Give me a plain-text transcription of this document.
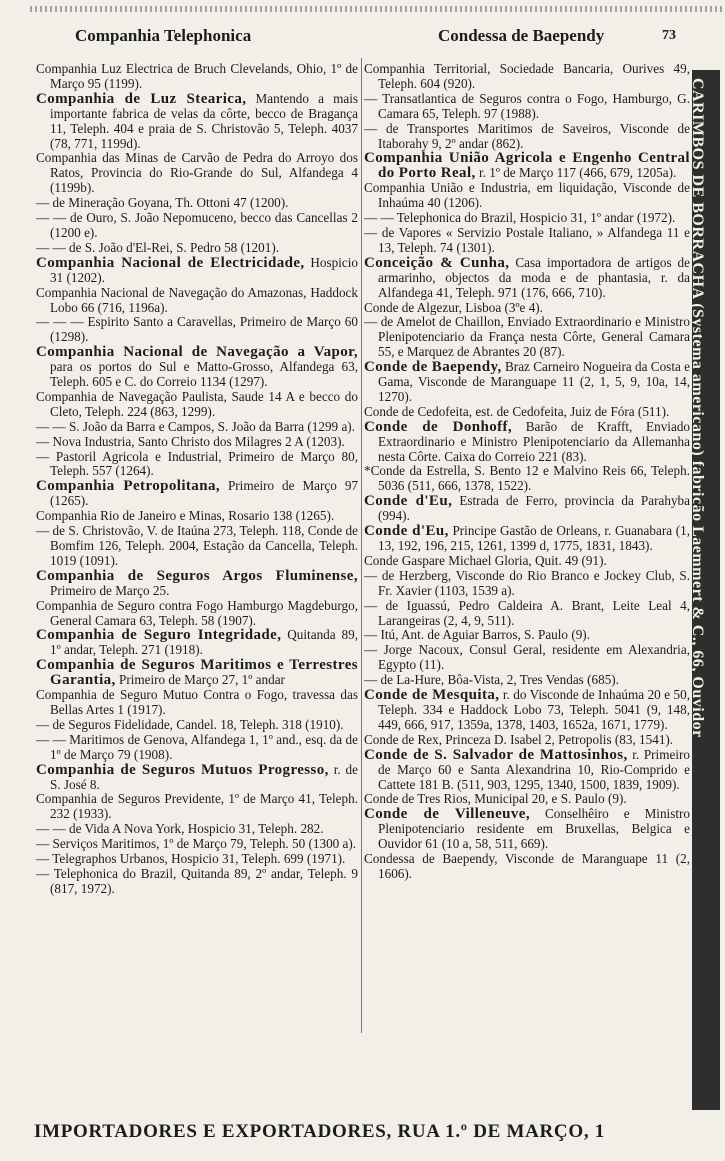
Companhia Telephonica	Condessa de Baependy	73

Companhia Luz Electrica de Bruch Clevelands, Ohio, 1º de Março 95 (1199).

Companhia de Luz Stearica, Mantendo a mais importante fabrica de velas da côrte, becco de Bragança 11, Teleph. 404 e praia de S. Christovão 5, Teleph. 4037 (78, 771, 1199d).

Companhia das Minas de Carvão de Pedra do Arroyo dos Ratos, Provincia do Rio-Grande do Sul, Alfandega 4 (1199b).

— de Mineração Goyana, Th. Ottoni 47 (1200).

— — de Ouro, S. João Nepomuceno, becco das Cancellas 2 (1200 e).

— — de S. João d'El-Rei, S. Pedro 58 (1201).

Companhia Nacional de Electricidade, Hospicio 31 (1202).

Companhia Nacional de Navegação do Amazonas, Haddock Lobo 66 (716, 1196a).

— — — Espirito Santo a Caravellas, Primeiro de Março 60 (1298).

Companhia Nacional de Navegação a Vapor, para os portos do Sul e Matto-Grosso, Alfandega 63, Teleph. 605 e C. do Correio 1134 (1297).

Companhia de Navegação Paulista, Saude 14 A e becco do Cleto, Teleph. 224 (863, 1299).

— — S. João da Barra e Campos, S. João da Barra (1299 a).

— Nova Industria, Santo Christo dos Milagres 2 A (1203).

— Pastoril Agricola e Industrial, Primeiro de Março 80, Teleph. 557 (1264).

Companhia Petropolitana, Primeiro de Março 97 (1265).

Companhia Rio de Janeiro e Minas, Rosario 138 (1265).

— de S. Christovão, V. de Itaúna 273, Teleph. 118, Conde de Bomfim 126, Teleph. 2004, Estação da Cancella, Teleph. 1019 (1091).

Companhia de Seguros Argos Fluminense, Primeiro de Março 25.

Companhia de Seguro contra Fogo Hamburgo Magdeburgo, General Camara 63, Teleph. 58 (1907).

Companhia de Seguro Integridade, Quitanda 89, 1º andar, Teleph. 271 (1918).

Companhia de Seguros Maritimos e Terrestres Garantia, Primeiro de Março 27, 1º andar

Companhia de Seguro Mutuo Contra o Fogo, travessa das Bellas Artes 1 (1917).

— de Seguros Fidelidade, Candel. 18, Teleph. 318 (1910).

— — Maritimos de Genova, Alfandega 1, 1º and., esq. da de 1º de Março 79 (1908).

Companhia de Seguros Mutuos Progresso, r. de S. José 8.

Companhia de Seguros Previdente, 1º de Março 41, Teleph. 232 (1933).

— — de Vida A Nova York, Hospicio 31, Teleph. 282.

— Serviços Maritimos, 1º de Março 79, Teleph. 50 (1300 a).

— Telegraphos Urbanos, Hospicio 31, Teleph. 699 (1971).

— Telephonica do Brazil, Quitanda 89, 2º andar, Teleph. 9 (817, 1972).

Companhia Territorial, Sociedade Bancaria, Ourives 49, Teleph. 604 (920).

— Transatlantica de Seguros contra o Fogo, Hamburgo, G. Camara 65, Teleph. 97 (1988).

— de Transportes Maritimos de Saveiros, Visconde de Itaborahy 9, 2º andar (862).

Companhia União Agricola e Engenho Central do Porto Real, r. 1º de Março 117 (466, 679, 1205a).

Companhia União e Industria, em liquidação, Visconde de Inhaúma 40 (1206).

— — Telephonica do Brazil, Hospicio 31, 1º andar (1972).

— de Vapores « Servizio Postale Italiano, » Alfandega 11 e 13, Teleph. 74 (1301).

Conceição & Cunha, Casa importadora de artigos de armarinho, objectos da moda e de phantasia, r. da Alfandega 41, Teleph. 971 (176, 666, 710).

Conde de Algezur, Lisboa (3ºe 4).

— de Amelot de Chaillon, Enviado Extraordinario e Ministro Plenipotenciario da França nesta Côrte, General Camara 55, e Marquez de Abrantes 20 (87).

Conde de Baependy, Braz Carneiro Nogueira da Costa e Gama, Visconde de Maranguape 11 (2, 1, 5, 9, 10a, 14, 1270).

Conde de Cedofeita, est. de Cedofeita, Juiz de Fóra (511).

Conde de Donhoff, Barão de Krafft, Enviado Extraordinario e Ministro Plenipotenciario da Allemanha nesta Côrte. Caixa do Correio 221 (83).

*Conde da Estrella, S. Bento 12 e Malvino Reis 66, Teleph. 5036 (511, 666, 1378, 1522).

Conde d'Eu, Estrada de Ferro, provincia da Parahyba (994).

Conde d'Eu, Principe Gastão de Orleans, r. Guanabara (1, 13, 192, 196, 215, 1261, 1399 d, 1775, 1831, 1843).

Conde Gaspare Michael Gloria, Quit. 49 (91).

— de Herzberg, Visconde do Rio Branco e Jockey Club, S. Fr. Xavier (1103, 1539 a).

— de Iguassú, Pedro Caldeira A. Brant, Leite Leal 4, Larangeiras (2, 4, 9, 511).

— Itú, Ant. de Aguiar Barros, S. Paulo (9).

— Jorge Nacoux, Consul Geral, residente em Alexandria, Egypto (11).

— de La-Hure, Bôa-Vista, 2, Tres Vendas (685).

Conde de Mesquita, r. do Visconde de Inhaúma 20 e 50, Teleph. 334 e Haddock Lobo 73, Teleph. 5041 (9, 148, 449, 666, 917, 1359a, 1378, 1403, 1652a, 1671, 1779).

Conde de Rex, Princeza D. Isabel 2, Petropolis (83, 1541).

Conde de S. Salvador de Mattosinhos, r. Primeiro de Março 60 e Santa Alexandrina 10, Rio-Comprido e Cattete 181 B. (511, 903, 1295, 1340, 1500, 1839, 1909).

Conde de Tres Rios, Municipal 20, e S. Paulo (9).

Conde de Villeneuve, Conselhêiro e Ministro Plenipotenciario residente em Bruxellas, Belgica e Ouvidor 61 (10 a, 58, 511, 669).

Condessa de Baependy, Visconde de Maranguape 11 (2, 1606).

CARIMBOS DE BORRACHA (Systema americano) fabricão Laemmert & C., 66, Ouvidor
IMPORTADORES E EXPORTADORES, RUA 1.º DE MARÇO, 1
